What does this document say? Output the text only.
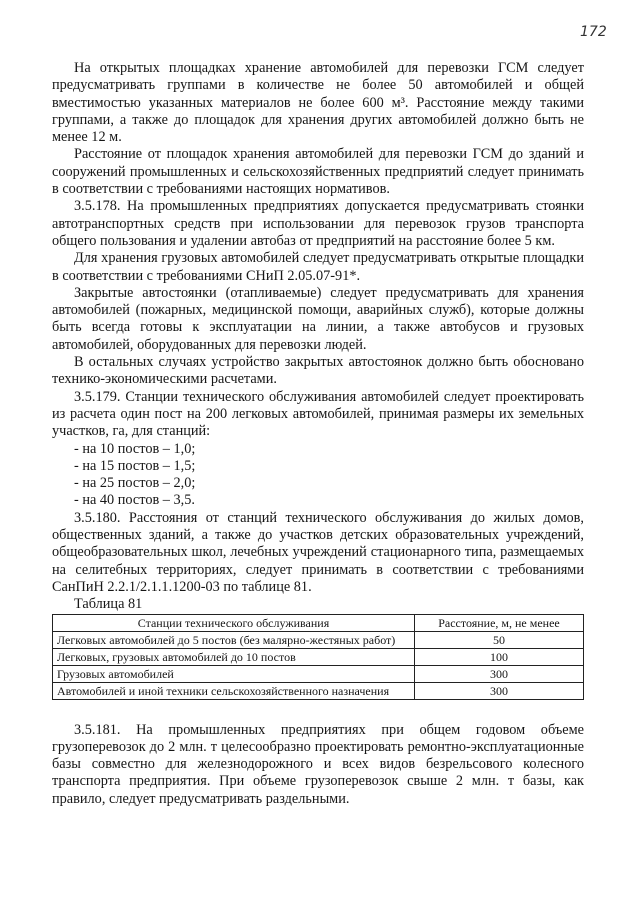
172

На открытых площадках хранение автомобилей для перевозки ГСМ следует предусматривать группами в количестве не более 50 автомобилей и общей вместимостью указанных материалов не более 600 м³. Расстояние между такими группами, а также до площадок для хранения других автомобилей должно быть не менее 12 м.

Расстояние от площадок хранения автомобилей для перевозки ГСМ до зданий и сооружений промышленных и сельскохозяйственных предприятий следует принимать в соответствии с требованиями настоящих нормативов.

3.5.178. На промышленных предприятиях допускается предусматривать стоянки автотранспортных средств при использовании для перевозок грузов транспорта общего пользования и удалении автобаз от предприятий на расстояние более 5 км.

Для хранения грузовых автомобилей следует предусматривать открытые площадки в соответствии с требованиями СНиП 2.05.07-91*.

Закрытые автостоянки (отапливаемые) следует предусматривать для хранения автомобилей (пожарных, медицинской помощи, аварийных служб), которые должны быть всегда готовы к эксплуатации на линии, а также автобусов и грузовых автомобилей, оборудованных для перевозки людей.

В остальных случаях устройство закрытых автостоянок должно быть обосновано технико-экономическими расчетами.

3.5.179. Станции технического обслуживания автомобилей следует проектировать из расчета один пост на 200 легковых автомобилей, принимая размеры их земельных участков, га, для станций:

- на 10 постов – 1,0;

- на 15 постов – 1,5;

- на 25 постов – 2,0;

- на 40 постов – 3,5.

3.5.180. Расстояния от станций технического обслуживания до жилых домов, общественных зданий, а также до участков детских образовательных учреждений, общеобразовательных школ, лечебных учреждений стационарного типа, размещаемых на селитебных территориях, следует принимать в соответствии с требованиями СанПиН 2.2.1/2.1.1.1200-03 по таблице 81.

Таблица 81

Станции технического обслуживания	Расстояние, м, не менее
Легковых автомобилей до 5 постов (без малярно-жестяных работ)	50
Легковых, грузовых автомобилей до 10 постов	100
Грузовых автомобилей	300
Автомобилей и иной техники сельскохозяйственного назначения	300

3.5.181. На промышленных предприятиях при общем годовом объеме грузоперевозок до 2 млн. т целесообразно проектировать ремонтно-эксплуатационные базы совместно для железнодорожного и всех видов безрельсового колесного транспорта предприятия. При объеме грузоперевозок свыше 2 млн. т базы, как правило, следует предусматривать раздельными.
